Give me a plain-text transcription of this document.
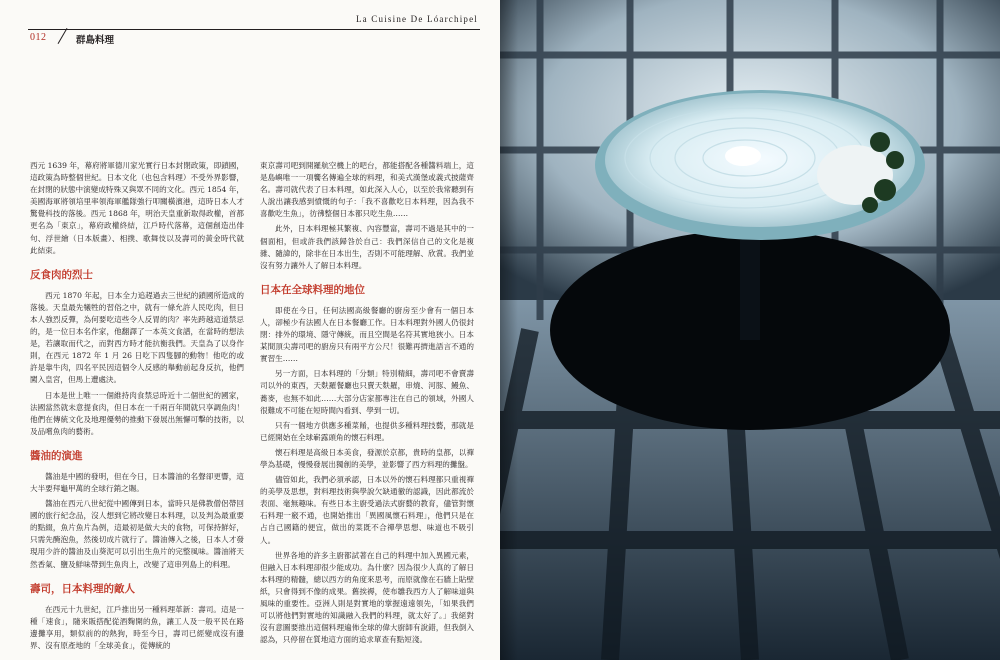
012	群島料理
La Cuisine De Lóarchipel

西元 1639 年，幕府將軍德川家光實行日本封閉政策，即鎖國，這政策為時整個世紀。日本文化（也包含料理）不受外界影響，在封閉的狀態中演變成特殊又與眾不同的文化。西元 1854 年，美國海軍將領培里率領海軍艦隊強行叩關橫濱港，這時日本人才驚覺科技的落後。西元 1868 年，明治天皇重新取得政權，首都更名為「東京」，幕府政權終結，江戶時代落幕，這個創造出俳句、浮世繪（日本版畫）、相撲、歌舞伎以及壽司的黃金時代就此結束。

反食肉的烈士

西元 1870 年起，日本全力追趕過去三世紀的鎖國所造成的落後。天皇最先犧牲的習俗之中，就有一條允許人民吃肉，但日本人強烈反彈，為何要吃這些令人反胃的肉？率先跨越這道禁忌的，是一位日本名作家，他翻譯了一本英文食譜，在當時的想法是，若讓取而代之，而對西方時才能抗衡我們。天皇為了以身作則，在西元 1872 年 1 月 26 日吃下四隻腳的動物！他吃的或許是靠牛肉，四名平民因這個令人反感的舉動前起身反抗，他們闖入皇宮，但馬上遭處決。

日本是世上唯一一個維持肉食禁忌時近十二個世紀的國家，法國當然就未意提食肉，但日本在一千兩百年間就只享調魚肉！他們在傳統文化及地理優勢的推動下發展出無懈可擊的技術，以及品嚐魚肉的藝術。

醬油的演進

醬油是中國的發明，但在今日，日本醬油的名聲卻更響，這大半要拜龜甲萬的全球行銷之賜。

醬油在西元八世紀從中國傳到日本，當時只是佛教僧侶帶回國的旅行紀念品，沒人想到它將改變日本料理，以及判為最重要的點綴，魚片魚片為例，這最初是做大夫的食物，可保持鮮好，只需先醃泡魚，然後切成片就行了。醬油傳入之後，日本人才發現用少許的醬油及山葵泥可以引出生魚片的完整風味。醬油將天然香氣、鹽及鮮味帶到生魚肉上，改變了這串列島上的料理。

壽司，日本料理的敵人

在西元十九世紀，江戶推出另一種料理革新：壽司。這是一種「速食」，隨來販搭配從酒麴開的魚，讓工人及一般平民在路邊攤享用，類似前的的熱狗，時至今日，壽司已經變成沒有邊界、沒有原產地的「全球美食」，從傳統的

東京壽司吧到開羅航空機上的吧台，都能搭配各種醬料端上，這是島嶼唯一一項饗名傳遍全球的料理，和美式漢堡或義式披薩齊名。壽司就代表了日本料理，如此深入人心，以至於我常聽到有人說出讓我感到憤慨的句子：「我不喜歡吃日本料理，因為我不喜歡吃生魚」，彷彿整個日本都只吃生魚……

此外，日本料理極其繁複、內容豐富，壽司不過是其中的一個面相，但或許我們該歸咎於自己：我們深信自己的文化是複雜、隨諱的，除非在日本出生，否則不可能理解、欣賞。我們並沒有努力讓外人了解日本料理。

日本在全球料理的地位

即使在今日，任何法國高級餐廳的廚房至少會有一個日本人，卻極少有法國人在日本餐廳工作。日本料理對外國人仍很封閉：排外的環境、隱守傳統，而且空間是名符其實地狹小。日本某間頂尖壽司吧的廚房只有兩平方公尺！很難再擠進語言不通的實習生……

另一方面，日本料理的「分類」特別精細，壽司吧不會賣壽司以外的東西，天麩羅餐廳也只賣天麩羅，串燒、河豚、鰻魚、蕎麥，也無不如此……大部分店家都專注在自己的領域，外國人很難成不可能在短時間內看到、學到一切。

只有一個地方供應多種菜餚，也提供多種料理技藝，那就是已經開始在全球嶄露頭角的懷石料理。

懷石料理是高級日本美食，發源於京都，貴時的皇都，以禪學為基礎，慢慢發展出獨創的美學，並影響了西方料理的攤盤。

儘管如此，我們必須承認，日本以外的懷石料理都只重視禪的美學及思想，對料理技術與學說欠缺通徹的認識，因此都流於表面、毫無趣味。有些日本主廚受過法式廚藝的教育，儘管對懷石料理一竅不通，也開始推出「異國風懷石料理」，他們只是在占自己國籍的便宜，做出的菜既不合禪學思想、味道也不吸引人。

世界各地的許多主廚都試著在自己的料理中加入異國元素，但融入日本料理卻很少能成功。為什麼？因為很少人真的了解日本料理的精髓，總以西方的角度來思考，而原就像在石牆上貼壁紙，只會得到不像的成果。舊挨褥，使布雛我西方人了解味道與風味的重要性。亞洲人則是對實地的掌握遠遠領先，「如果我們可以將他們對實地的知識融入我們的料理，就太好了。」我絕對沒有意圖要推出這個料理遍佈全球的偉大廚師有說錯，但我倒入認為，只停留在質地這方面的追求單查有點短淺。
